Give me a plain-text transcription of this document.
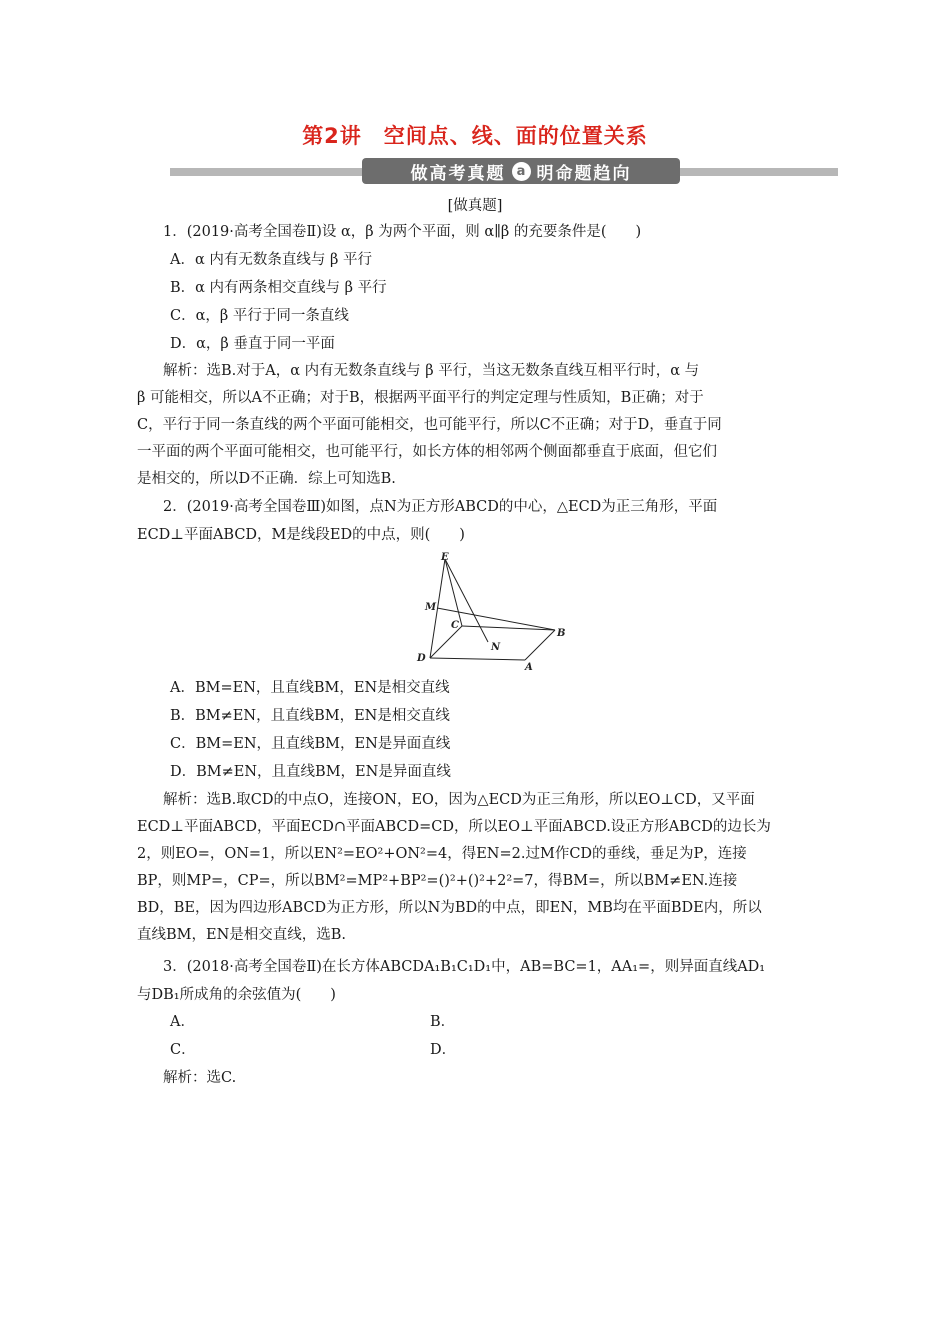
第2讲　空间点、线、面的位置关系
做高考真题 a 明命题趋向
[做真题]
1．(2019·高考全国卷Ⅱ)设 α，β 为两个平面，则 α∥β 的充要条件是(　　)
A．α 内有无数条直线与 β 平行
B．α 内有两条相交直线与 β 平行
C．α，β 平行于同一条直线
D．α，β 垂直于同一平面
解析：选B.对于A，α 内有无数条直线与 β 平行，当这无数条直线互相平行时，α 与
β 可能相交，所以A不正确；对于B，根据两平面平行的判定定理与性质知，B正确；对于
C，平行于同一条直线的两个平面可能相交，也可能平行，所以C不正确；对于D，垂直于同
一平面的两个平面可能相交，也可能平行，如长方体的相邻两个侧面都垂直于底面，但它们
是相交的，所以D不正确．综上可知选B.
2．(2019·高考全国卷Ⅲ)如图，点N为正方形ABCD的中心，△ECD为正三角形，平面
ECD⊥平面ABCD，M是线段ED的中点，则(　　)
E
M
C
B
N
D
A
A．BM=EN，且直线BM，EN是相交直线
B．BM≠EN，且直线BM，EN是相交直线
C．BM=EN，且直线BM，EN是异面直线
D．BM≠EN，且直线BM，EN是异面直线
解析：选B.取CD的中点O，连接ON，EO，因为△ECD为正三角形，所以EO⊥CD，又平面
ECD⊥平面ABCD，平面ECD∩平面ABCD=CD，所以EO⊥平面ABCD.设正方形ABCD的边长为
2，则EO=，ON=1，所以EN²=EO²+ON²=4，得EN=2.过M作CD的垂线，垂足为P，连接
BP，则MP=，CP=，所以BM²=MP²+BP²=()²+()²+2²=7，得BM=，所以BM≠EN.连接
BD，BE，因为四边形ABCD为正方形，所以N为BD的中点，即EN，MB均在平面BDE内，所以
直线BM，EN是相交直线，选B.
3．(2018·高考全国卷Ⅱ)在长方体ABCDA₁B₁C₁D₁中，AB=BC=1，AA₁=，则异面直线AD₁
与DB₁所成角的余弦值为(　　)
A．	B．
C．	D．
解析：选C.
